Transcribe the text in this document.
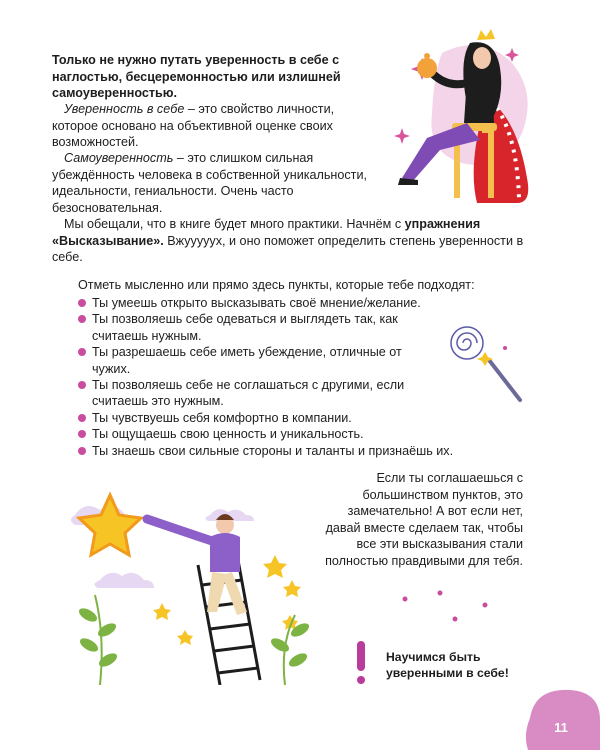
Только не нужно путать уверенность в себе с наглостью, бесцеремонностью или излишней самоуверенностью.

Уверенность в себе – это свойство личности, которое основано на объективной оценке своих возможностей.

Самоуверенность – это слишком сильная убеждённость человека в собственной уникальности, идеальности, гениальности. Очень часто безосновательная.

Мы обещали, что в книге будет много практики. Начнём с упражнения «Высказывание». Вжууууух, и оно поможет определить степень уверенности в себе.

Отметь мысленно или прямо здесь пункты, которые тебе подходят:

Ты умеешь открыто высказывать своё мнение/желание.
Ты позволяешь себе одеваться и выглядеть так, как считаешь нужным.
Ты разрешаешь себе иметь убеждение, отличные от чужих.
Ты позволяешь себе не соглашаться с другими, если считаешь это нужным.
Ты чувствуешь себя комфортно в компании.
Ты ощущаешь свою ценность и уникальность.
Ты знаешь свои сильные стороны и таланты и признаёшь их.

Если ты соглашаешься с большинством пунктов, это замечательно! А вот если нет, давай вместе сделаем так, чтобы все эти высказывания стали полностью правдивыми для тебя.

Научимся быть уверенными в себе!

11
